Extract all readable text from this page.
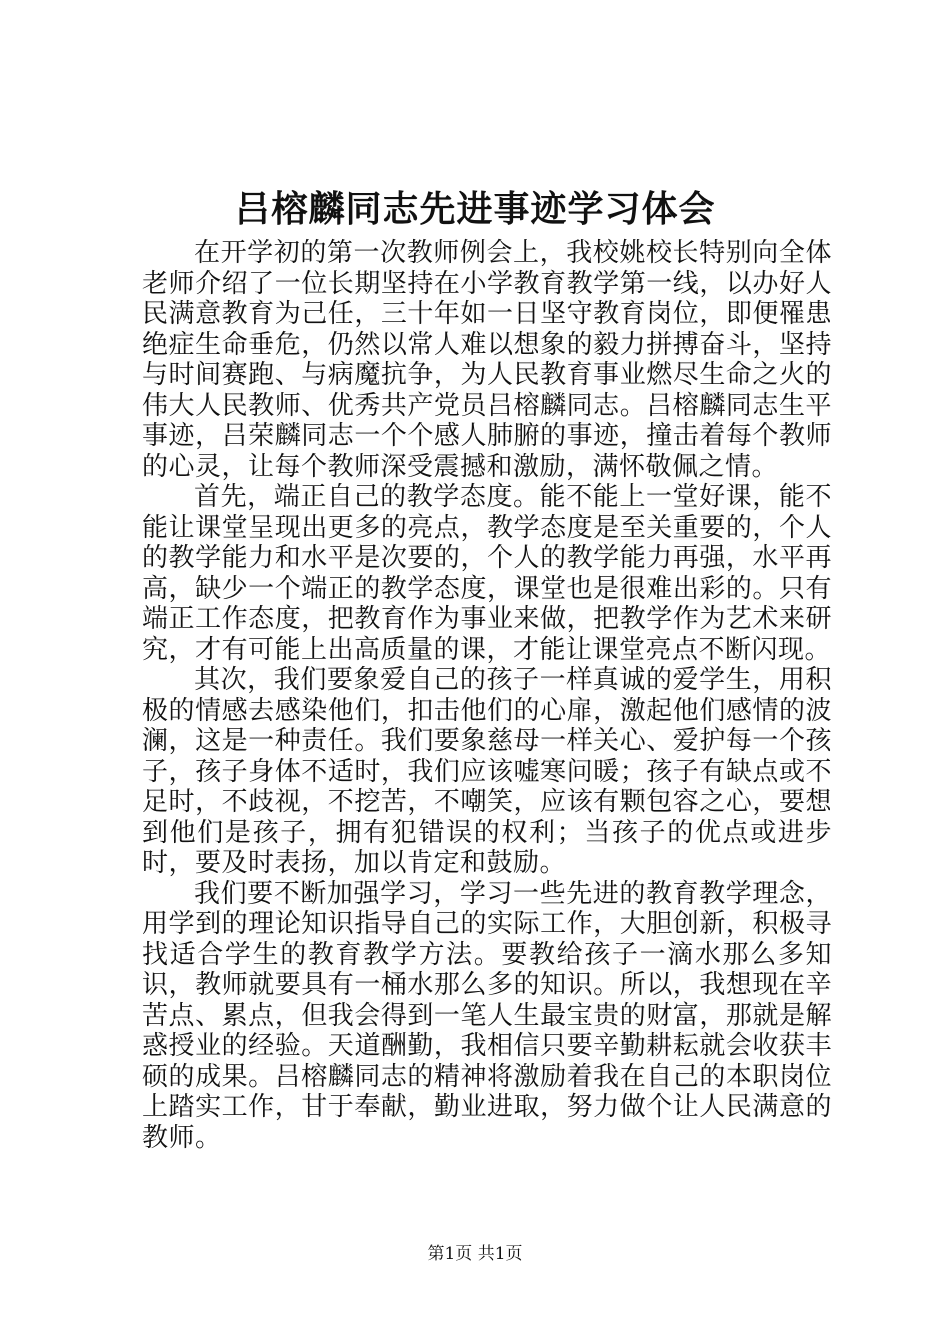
吕榕麟同志先进事迹学习体会

在开学初的第一次教师例会上，我校姚校长特别向全体老师介绍了一位长期坚持在小学教育教学第一线，以办好人民满意教育为己任，三十年如一日坚守教育岗位，即便罹患绝症生命垂危，仍然以常人难以想象的毅力拼搏奋斗，坚持与时间赛跑、与病魔抗争，为人民教育事业燃尽生命之火的伟大人民教师、优秀共产党员吕榕麟同志。吕榕麟同志生平事迹，吕荣麟同志一个个感人肺腑的事迹，撞击着每个教师的心灵，让每个教师深受震撼和激励，满怀敬佩之情。

首先，端正自己的教学态度。能不能上一堂好课，能不能让课堂呈现出更多的亮点，教学态度是至关重要的，个人的教学能力和水平是次要的，个人的教学能力再强，水平再高，缺少一个端正的教学态度，课堂也是很难出彩的。只有端正工作态度，把教育作为事业来做，把教学作为艺术来研究，才有可能上出高质量的课，才能让课堂亮点不断闪现。

其次，我们要象爱自己的孩子一样真诚的爱学生，用积极的情感去感染他们，扣击他们的心扉，激起他们感情的波澜，这是一种责任。我们要象慈母一样关心、爱护每一个孩子，孩子身体不适时，我们应该嘘寒问暖；孩子有缺点或不足时，不歧视，不挖苦，不嘲笑，应该有颗包容之心，要想到他们是孩子，拥有犯错误的权利；当孩子的优点或进步时，要及时表扬，加以肯定和鼓励。

我们要不断加强学习，学习一些先进的教育教学理念，用学到的理论知识指导自己的实际工作，大胆创新，积极寻找适合学生的教育教学方法。要教给孩子一滴水那么多知识，教师就要具有一桶水那么多的知识。所以，我想现在辛苦点、累点，但我会得到一笔人生最宝贵的财富，那就是解惑授业的经验。天道酬勤，我相信只要辛勤耕耘就会收获丰硕的成果。吕榕麟同志的精神将激励着我在自己的本职岗位上踏实工作，甘于奉献，勤业进取，努力做个让人民满意的教师。

第1页 共1页
